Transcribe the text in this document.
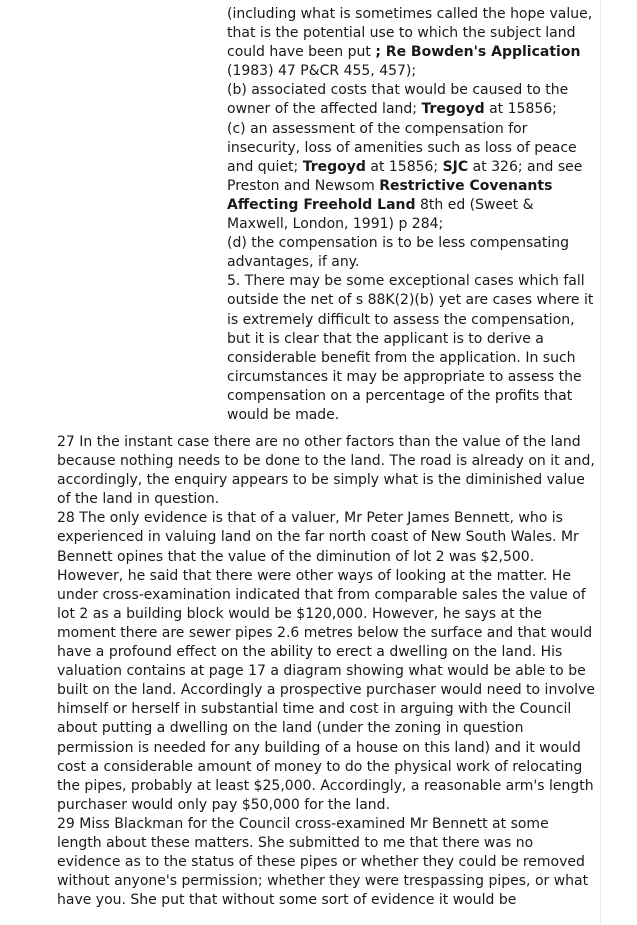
(including what is sometimes called the hope value,
that is the potential use to which the subject land
could have been put ; Re Bowden's Application
(1983) 47 P&CR 455, 457);
(b) associated costs that would be caused to the
owner of the affected land; Tregoyd at 15856;
(c) an assessment of the compensation for
insecurity, loss of amenities such as loss of peace
and quiet; Tregoyd at 15856; SJC at 326; and see
Preston and Newsom Restrictive Covenants
Affecting Freehold Land 8th ed (Sweet &
Maxwell, London, 1991) p 284;
(d) the compensation is to be less compensating
advantages, if any.
5. There may be some exceptional cases which fall
outside the net of s 88K(2)(b) yet are cases where it
is extremely difficult to assess the compensation,
but it is clear that the applicant is to derive a
considerable benefit from the application. In such
circumstances it may be appropriate to assess the
compensation on a percentage of the profits that
would be made.
27 In the instant case there are no other factors than the value of the land
because nothing needs to be done to the land. The road is already on it and,
accordingly, the enquiry appears to be simply what is the diminished value
of the land in question.
28 The only evidence is that of a valuer, Mr Peter James Bennett, who is
experienced in valuing land on the far north coast of New South Wales. Mr
Bennett opines that the value of the diminution of lot 2 was $2,500.
However, he said that there were other ways of looking at the matter. He
under cross-examination indicated that from comparable sales the value of
lot 2 as a building block would be $120,000. However, he says at the
moment there are sewer pipes 2.6 metres below the surface and that would
have a profound effect on the ability to erect a dwelling on the land. His
valuation contains at page 17 a diagram showing what would be able to be
built on the land. Accordingly a prospective purchaser would need to involve
himself or herself in substantial time and cost in arguing with the Council
about putting a dwelling on the land (under the zoning in question
permission is needed for any building of a house on this land) and it would
cost a considerable amount of money to do the physical work of relocating
the pipes, probably at least $25,000. Accordingly, a reasonable arm's length
purchaser would only pay $50,000 for the land.
29 Miss Blackman for the Council cross-examined Mr Bennett at some
length about these matters. She submitted to me that there was no
evidence as to the status of these pipes or whether they could be removed
without anyone's permission; whether they were trespassing pipes, or what
have you. She put that without some sort of evidence it would be
